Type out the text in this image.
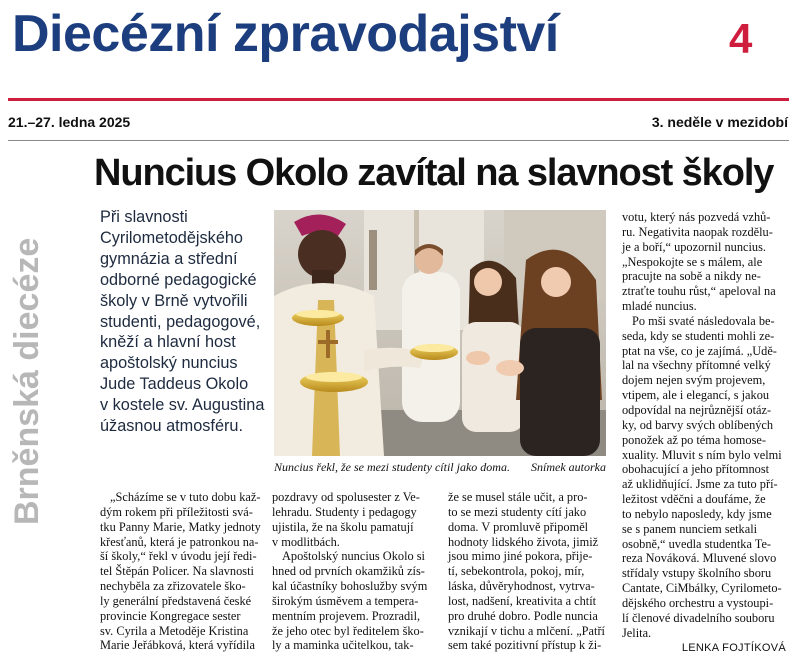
Diecézní zpravodajství	4
21.–27. ledna 2025	3. neděle v mezidobí
Brněnská diecéze
Nuncius Okolo zavítal na slavnost školy
Při slavnosti
Cyrilometodějského
gymnázia a střední
odborné pedagogické
školy v Brně vytvořili
studenti, pedagogové,
kněží a hlavní host
apoštolský nuncius
Jude Taddeus Okolo
v kostele sv. Augustina
úžasnou atmosféru.
Nuncius řekl, že se mezi studenty cítil jako doma. Snímek autorka
„Scházíme se v tuto dobu kaž-
dým rokem při příležitosti svá-
tku Panny Marie, Matky jednoty
křesťanů, která je patronkou na-
ší školy,“ řekl v úvodu její ředi-
tel Štěpán Policer. Na slavnosti
nechyběla za zřizovatele ško-
ly generální představená české
provincie Kongregace sester
sv. Cyrila a Metoděje Kristina
Marie Jeřábková, která vyřídila
pozdravy od spolusester z Ve-
lehradu. Studenty i pedagogy
ujistila, že na školu pamatují
v modlitbách.
Apoštolský nuncius Okolo si
hned od prvních okamžiků zís-
kal účastníky bohoslužby svým
širokým úsměvem a tempera-
mentním projevem. Prozradil,
že jeho otec byl ředitelem ško-
ly a maminka učitelkou, tak-
že se musel stále učit, a pro-
to se mezi studenty cítí jako
doma. V promluvě připoměl
hodnoty lidského života, jimiž
jsou mimo jiné pokora, přije-
tí, sebekontrola, pokoj, mír,
láska, důvěryhodnost, vytrva-
lost, nadšení, kreativita a chtít
pro druhé dobro. Podle nuncia
vznikají v tichu a mlčení. „Patří
sem také pozitivní přístup k ži-
votu, který nás pozvedá vzhů-
ru. Negativita naopak rozdělu-
je a boří,“ upozornil nuncius.
„Nespokojte se s málem, ale
pracujte na sobě a nikdy ne-
ztraťte touhu růst,“ apeloval na
mladé nuncius.
Po mši svaté následovala be-
seda, kdy se studenti mohli ze-
ptat na vše, co je zajímá. „Udě-
lal na všechny přítomné velký
dojem nejen svým projevem,
vtipem, ale i elegancí, s jakou
odpovídal na nejrůznější otáz-
ky, od barvy svých oblíbených
ponožek až po téma homose-
xuality. Mluvit s ním bylo velmi
obohacující a jeho přítomnost
až uklidňující. Jsme za tuto pří-
ležitost vděčni a doufáme, že
to nebylo naposledy, kdy jsme
se s panem nunciem setkali
osobně,“ uvedla studentka Te-
reza Nováková. Mluvené slovo
střídaly vstupy školního sboru
Cantate, CiMbálky, Cyrilometo-
dějského orchestru a vystoupi-
lí členové divadelního souboru
Jelita.
LENKA FOJTÍKOVÁ
